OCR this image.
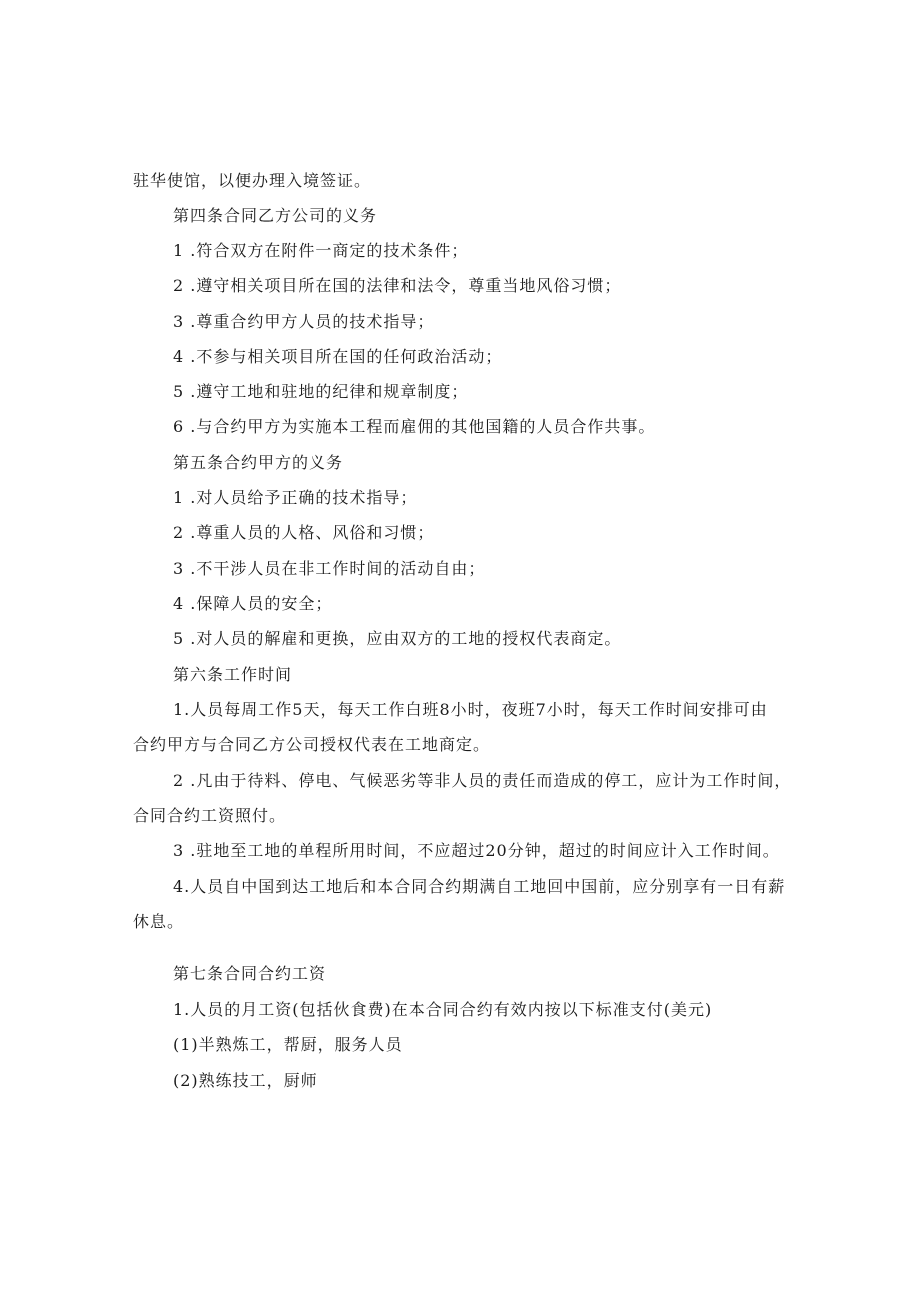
驻华使馆，以便办理入境签证。
第四条合同乙方公司的义务
1 .符合双方在附件一商定的技术条件；
2 .遵守相关项目所在国的法律和法令，尊重当地风俗习惯；
3 .尊重合约甲方人员的技术指导；
4 .不参与相关项目所在国的任何政治活动；
5 .遵守工地和驻地的纪律和规章制度；
6 .与合约甲方为实施本工程而雇佣的其他国籍的人员合作共事。
第五条合约甲方的义务
1 .对人员给予正确的技术指导；
2 .尊重人员的人格、风俗和习惯；
3 .不干涉人员在非工作时间的活动自由；
4 .保障人员的安全；
5 .对人员的解雇和更换，应由双方的工地的授权代表商定。
第六条工作时间
1.人员每周工作5天，每天工作白班8小时，夜班7小时，每天工作时间安排可由
合约甲方与合同乙方公司授权代表在工地商定。
2 .凡由于待料、停电、气候恶劣等非人员的责任而造成的停工，应计为工作时间，
合同合约工资照付。
3 .驻地至工地的单程所用时间，不应超过20分钟，超过的时间应计入工作时间。
4.人员自中国到达工地后和本合同合约期满自工地回中国前，应分别享有一日有薪
休息。
第七条合同合约工资
1.人员的月工资(包括伙食费)在本合同合约有效内按以下标准支付(美元)
(1)半熟炼工，帮厨，服务人员
(2)熟练技工，厨师
